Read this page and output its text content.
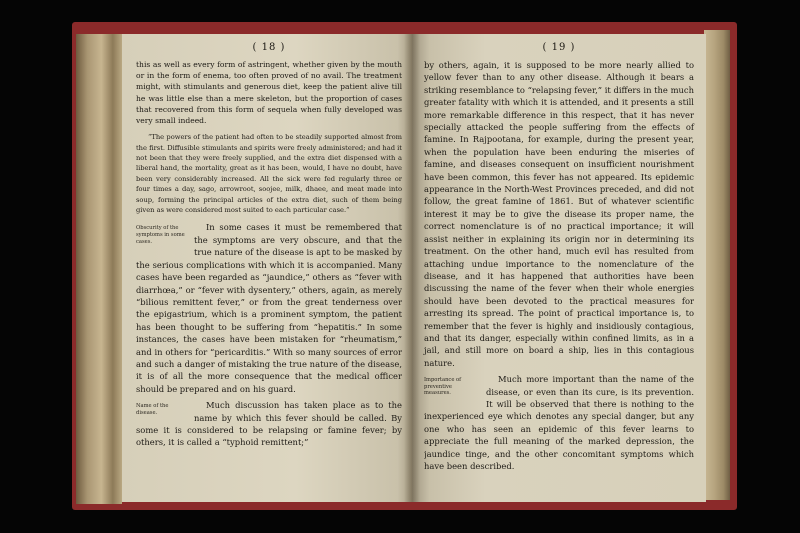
( 18 )

this as well as every form of astringent, whether given by the mouth or in the form of enema, too often proved of no avail. The treatment might, with stimulants and generous diet, keep the patient alive till he was little else than a mere skeleton, but the proportion of cases that recovered from this form of sequela when fully developed was very small indeed.

“The powers of the patient had often to be steadily supported almost from the first. Diffusible stimulants and spirits were freely administered; and had it not been that they were freely supplied, and the extra diet dispensed with a liberal hand, the mortality, great as it has been, would, I have no doubt, have been very considerably increased. All the sick were fed regularly three or four times a day, sago, arrowroot, soojee, milk, dhaee, and meat made into soup, forming the principal articles of the extra diet, such of them being given as were considered most suited to each particular case.”

Obscurity of the symptoms in some cases.

In some cases it must be remembered that the symptoms are very obscure, and that the true nature of the disease is apt to be masked by the serious complications with which it is accompanied. Many cases have been regarded as “jaundice,” others as “fever with diarrhœa,” or “fever with dysentery,” others, again, as merely “bilious remittent fever,” or from the great tenderness over the epigastrium, which is a prominent symptom, the patient has been thought to be suffering from “hepatitis.” In some instances, the cases have been mistaken for “rheumatism,” and in others for “pericarditis.” With so many sources of error and such a danger of mistaking the true nature of the disease, it is of all the more consequence that the medical officer should be prepared and on his guard.

Name of the disease.

Much discussion has taken place as to the name by which this fever should be called. By some it is considered to be relapsing or famine fever; by others, it is called a “typhoid remittent;”

( 19 )

by others, again, it is supposed to be more nearly allied to yellow fever than to any other disease. Although it bears a striking resemblance to “relapsing fever,” it differs in the much greater fatality with which it is attended, and it presents a still more remarkable difference in this respect, that it has never specially attacked the people suffering from the effects of famine. In Rajpootana, for example, during the present year, when the population have been enduring the miseries of famine, and diseases consequent on insufficient nourishment have been common, this fever has not appeared. Its epidemic appearance in the North-West Provinces preceded, and did not follow, the great famine of 1861. But of whatever scientific interest it may be to give the disease its proper name, the correct nomenclature is of no practical importance; it will assist neither in explaining its origin nor in determining its treatment. On the other hand, much evil has resulted from attaching undue importance to the nomenclature of the disease, and it has happened that authorities have been discussing the name of the fever when their whole energies should have been devoted to the practical measures for arresting its spread. The point of practical importance is, to remember that the fever is highly and insidiously contagious, and that its danger, especially within confined limits, as in a jail, and still more on board a ship, lies in this contagious nature.

Importance of preventive measures.

Much more important than the name of the disease, or even than its cure, is its prevention. It will be observed that there is nothing to the inexperienced eye which denotes any special danger, but any one who has seen an epidemic of this fever learns to appreciate the full meaning of the marked depression, the jaundice tinge, and the other concomitant symptoms which have been described.
